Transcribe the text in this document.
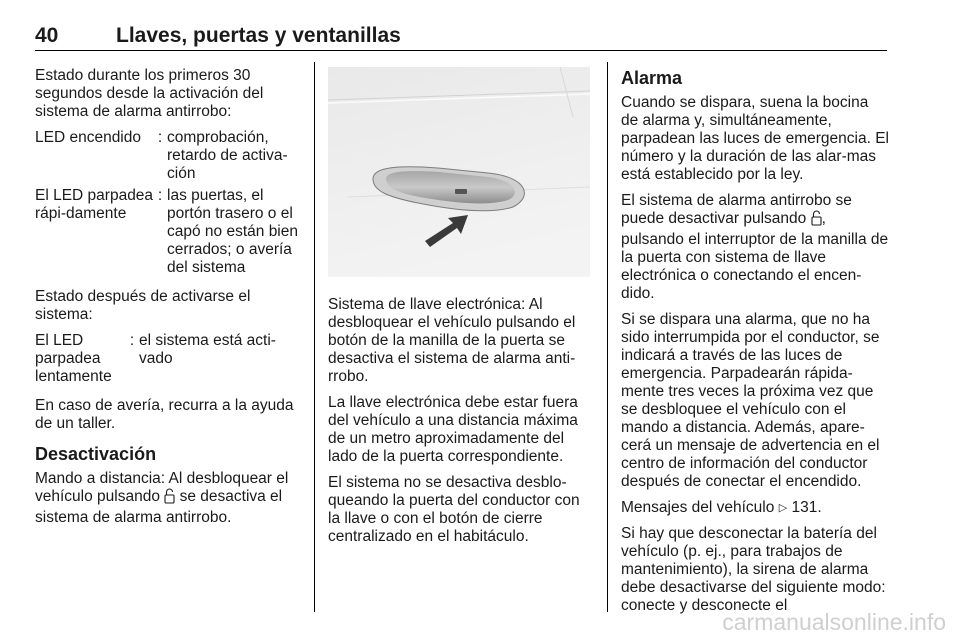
40	Llaves, puertas y ventanillas

Estado durante los primeros 30 segundos desde la activación del sistema de alarma antirrobo:

LED encendido	:	comprobación, retardo de activa-ción
El LED parpadea rápi-damente	:	las puertas, el portón trasero o el capó no están bien cerrados; o avería del sistema

Estado después de activarse el sistema:

El LED parpadea lentamente	:	el sistema está acti-vado

En caso de avería, recurra a la ayuda de un taller.

Desactivación

Mando a distancia: Al desbloquear el vehículo pulsando se desactiva el sistema de alarma antirrobo.

Sistema de llave electrónica: Al desbloquear el vehículo pulsando el botón de la manilla de la puerta se desactiva el sistema de alarma anti-rrobo.

La llave electrónica debe estar fuera del vehículo a una distancia máxima de un metro aproximadamente del lado de la puerta correspondiente.

El sistema no se desactiva desblo-queando la puerta del conductor con la llave o con el botón de cierre centralizado en el habitáculo.

Alarma

Cuando se dispara, suena la bocina de alarma y, simultáneamente, parpadean las luces de emergencia. El número y la duración de las alar-mas está establecido por la ley.

El sistema de alarma antirrobo se puede desactivar pulsando , pulsando el interruptor de la manilla de la puerta con sistema de llave electrónica o conectando el encen-dido.

Si se dispara una alarma, que no ha sido interrumpida por el conductor, se indicará a través de las luces de emergencia. Parpadearán rápida-mente tres veces la próxima vez que se desbloquee el vehículo con el mando a distancia. Además, apare-cerá un mensaje de advertencia en el centro de información del conductor después de conectar el encendido.

Mensajes del vehículo ▷ 131.

Si hay que desconectar la batería del vehículo (p. ej., para trabajos de mantenimiento), la sirena de alarma debe desactivarse del siguiente modo: conecte y desconecte el

carmanualsonline.info
